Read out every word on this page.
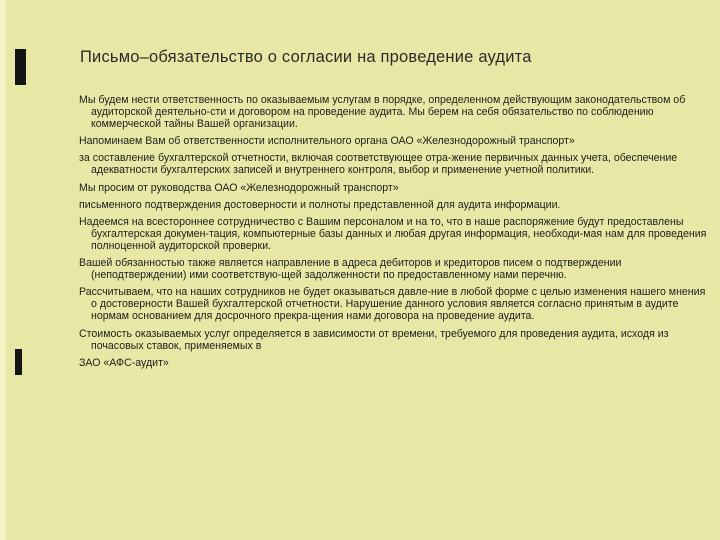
Письмо–обязательство о согласии на проведение аудита

Мы будем нести ответственность по оказываемым услугам в порядке, определенном действующим законодательством об аудиторской деятельно-сти и договором на проведение аудита. Мы берем на себя обязательство по соблюдению коммерческой тайны Вашей организации.

Напоминаем Вам об ответственности исполнительного органа ОАО «Железнодорожный транспорт»

за составление бухгалтерской отчетности, включая соответствующее отра-жение первичных данных учета, обеспечение адекватности бухгалтерских записей и внутреннего контроля, выбор и применение учетной политики.

Мы просим от руководства ОАО «Железнодорожный транспорт»

письменного подтверждения достоверности и полноты представленной для аудита информации.

Надеемся на всестороннее сотрудничество с Вашим персоналом и на то, что в наше распоряжение будут предоставлены бухгалтерская докумен-тация, компьютерные базы данных и любая другая информация, необходи-мая нам для проведения полноценной аудиторской проверки.

Вашей обязанностью также является направление в адреса дебиторов и кредиторов писем о подтверждении (неподтверждении) ими соответствую-щей задолженности по предоставленному нами перечню.

Рассчитываем, что на наших сотрудников не будет оказываться давле-ние в любой форме с целью изменения нашего мнения о достоверности Вашей бухгалтерской отчетности. Нарушение данного условия является согласно принятым в аудите нормам основанием для досрочного прекра-щения нами договора на проведение аудита.

Стоимость оказываемых услуг определяется в зависимости от времени, требуемого для проведения аудита, исходя из почасовых ставок, применяемых в

ЗАО «АФС-аудит»
